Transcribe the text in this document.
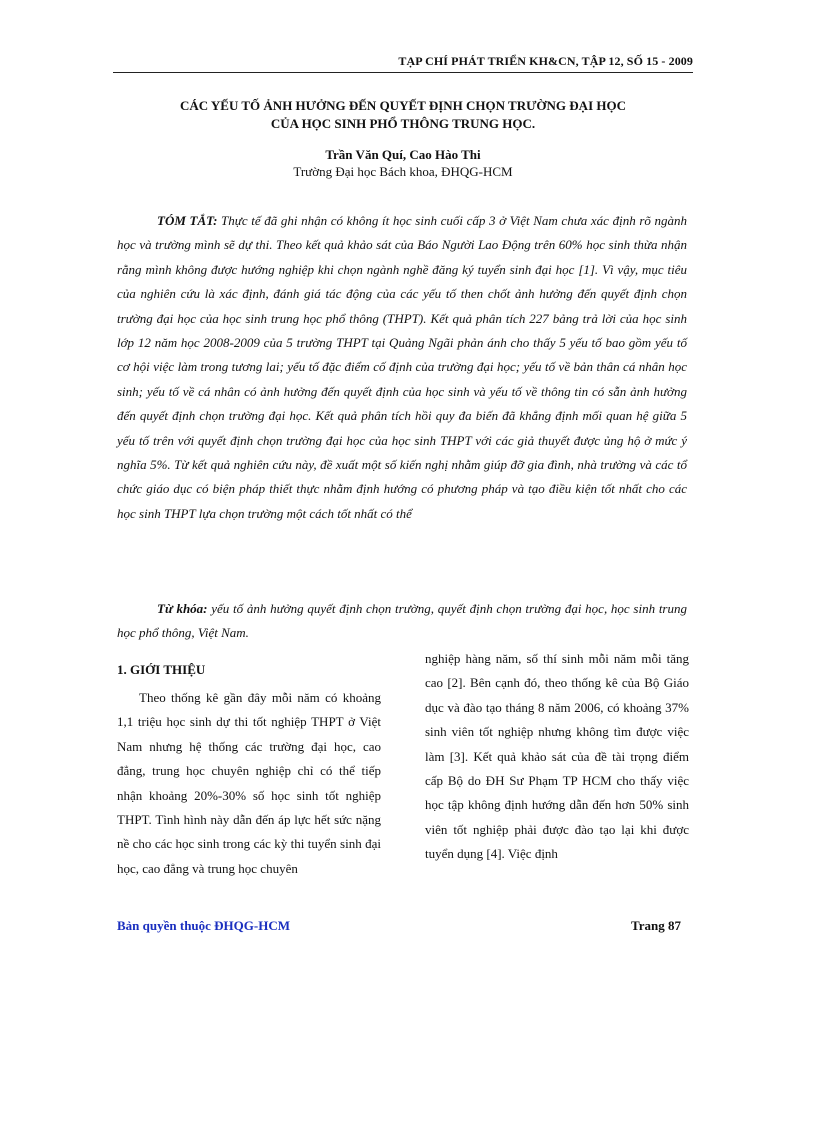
TẠP CHÍ PHÁT TRIỂN KH&CN, TẬP 12, SỐ 15 - 2009
CÁC YẾU TỐ ẢNH HƯỞNG ĐẾN QUYẾT ĐỊNH CHỌN TRƯỜNG ĐẠI HỌC
CỦA HỌC SINH PHỔ THÔNG TRUNG HỌC.
Trần Văn Quí, Cao Hào Thi
Trường Đại học Bách khoa, ĐHQG-HCM

TÓM TẮT: Thực tế đã ghi nhận có không ít học sinh cuối cấp 3 ở Việt Nam chưa xác định rõ ngành học và trường mình sẽ dự thi. Theo kết quả khảo sát của Báo Người Lao Động trên 60% học sinh thừa nhận rằng mình không được hướng nghiệp khi chọn ngành nghề đăng ký tuyển sinh đại học [1]. Vì vậy, mục tiêu của nghiên cứu là xác định, đánh giá tác động của các yếu tố then chốt ảnh hưởng đến quyết định chọn trường đại học của học sinh trung học phổ thông (THPT). Kết quả phân tích 227 bảng trả lời của học sinh lớp 12 năm học 2008-2009 của 5 trường THPT tại Quảng Ngãi phản ánh cho thấy 5 yếu tố bao gồm yếu tố cơ hội việc làm trong tương lai; yếu tố đặc điểm cố định của trường đại học; yếu tố về bản thân cá nhân học sinh; yếu tố về cá nhân có ảnh hưởng đến quyết định của học sinh và yếu tố về thông tin có sẵn ảnh hưởng đến quyết định chọn trường đại học. Kết quả phân tích hồi quy đa biến đã khẳng định mối quan hệ giữa 5 yếu tố trên với quyết định chọn trường đại học của học sinh THPT với các giả thuyết được ủng hộ ở mức ý nghĩa 5%. Từ kết quả nghiên cứu này, đề xuất một số kiến nghị nhằm giúp đỡ gia đình, nhà trường và các tổ chức giáo dục có biện pháp thiết thực nhằm định hướng có phương pháp và tạo điều kiện tốt nhất cho các học sinh THPT lựa chọn trường một cách tốt nhất có thể

Từ khóa: yếu tố ảnh hưởng quyết định chọn trường, quyết định chọn trường đại học, học sinh trung học phổ thông, Việt Nam.

1. GIỚI THIỆU

Theo thống kê gần đây mỗi năm có khoảng 1,1 triệu học sinh dự thi tốt nghiệp THPT ở Việt Nam nhưng hệ thống các trường đại học, cao đẳng, trung học chuyên nghiệp chỉ có thể tiếp nhận khoảng 20%-30% số học sinh tốt nghiệp THPT. Tình hình này dẫn đến áp lực hết sức nặng nề cho các học sinh trong các kỳ thi tuyển sinh đại học, cao đẳng và trung học chuyên

nghiệp hàng năm, số thí sinh mỗi năm mỗi tăng cao [2]. Bên cạnh đó, theo thống kê của Bộ Giáo dục và đào tạo tháng 8 năm 2006, có khoảng 37% sinh viên tốt nghiệp nhưng không tìm được việc làm [3]. Kết quả khảo sát của đề tài trọng điểm cấp Bộ do ĐH Sư Phạm TP HCM cho thấy việc học tập không định hướng dẫn đến hơn 50% sinh viên tốt nghiệp phải được đào tạo lại khi được tuyển dụng [4]. Việc định

Bản quyền thuộc ĐHQG-HCM	Trang 87
